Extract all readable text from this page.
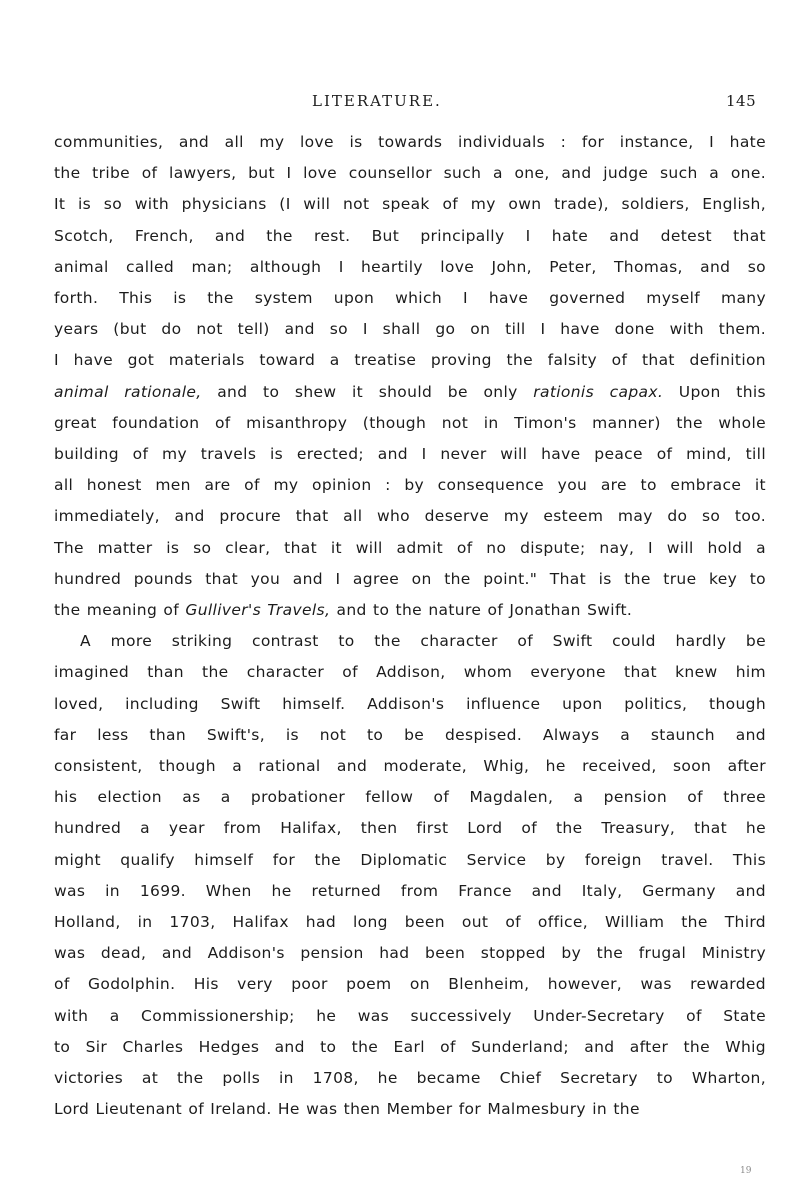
LITERATURE.	145
communities, and all my love is towards individuals : for instance, I hate
the tribe of lawyers, but I love counsellor such a one, and judge such a one.
It is so with physicians (I will not speak of my own trade), soldiers, English,
Scotch, French, and the rest. But principally I hate and detest that
animal called man; although I heartily love John, Peter, Thomas, and so
forth. This is the system upon which I have governed myself many
years (but do not tell) and so I shall go on till I have done with them.
I have got materials toward a treatise proving the falsity of that definition
animal rationale, and to shew it should be only rationis capax. Upon this
great foundation of misanthropy (though not in Timon's manner) the whole
building of my travels is erected; and I never will have peace of mind, till
all honest men are of my opinion : by consequence you are to embrace it
immediately, and procure that all who deserve my esteem may do so too.
The matter is so clear, that it will admit of no dispute; nay, I will hold a
hundred pounds that you and I agree on the point." That is the true key to
the meaning of Gulliver's Travels, and to the nature of Jonathan Swift.
A more striking contrast to the character of Swift could hardly be
imagined than the character of Addison, whom everyone that knew him
loved, including Swift himself. Addison's influence upon politics, though
far less than Swift's, is not to be despised. Always a staunch and
consistent, though a rational and moderate, Whig, he received, soon after
his election as a probationer fellow of Magdalen, a pension of three
hundred a year from Halifax, then first Lord of the Treasury, that he
might qualify himself for the Diplomatic Service by foreign travel. This
was in 1699. When he returned from France and Italy, Germany and
Holland, in 1703, Halifax had long been out of office, William the Third
was dead, and Addison's pension had been stopped by the frugal Ministry
of Godolphin. His very poor poem on Blenheim, however, was rewarded
with a Commissionership; he was successively Under-Secretary of State
to Sir Charles Hedges and to the Earl of Sunderland; and after the Whig
victories at the polls in 1708, he became Chief Secretary to Wharton,
Lord Lieutenant of Ireland. He was then Member for Malmesbury in the
19
